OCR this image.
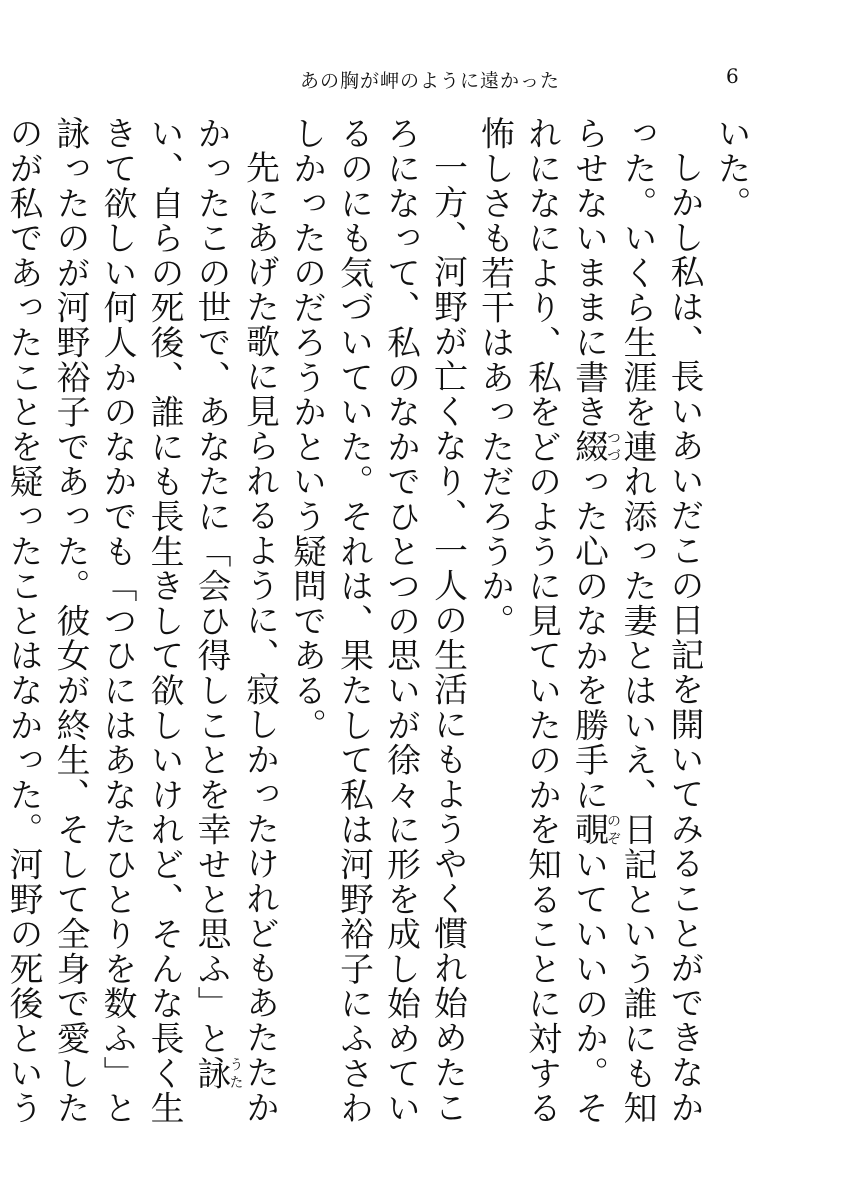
あの胸が岬のように遠かった	6

いた。

しかし私は、長いあいだこの日記を開いてみることができなかった。いくら生涯を連れ添った妻とはいえ、日記という誰にも知らせないままに書き綴つづった心のなかを勝手に覗のぞいていいのか。それになにより、私をどのように見ていたのかを知ることに対する怖しさも若干はあっただろうか。

一方、河野が亡くなり、一人の生活にもようやく慣れ始めたころになって、私のなかでひとつの思いが徐々に形を成し始めているのにも気づいていた。それは、果たして私は河野裕子にふさわしかったのだろうかという疑問である。

先にあげた歌に見られるように、寂しかったけれどもあたたかかったこの世で、あなたに「会ひ得しことを幸せと思ふ」と詠うたい、自らの死後、誰にも長生きして欲しいけれど、そんな長く生きて欲しい何人かのなかでも「つひにはあなたひとりを数ふ」と詠ったのが河野裕子であった。彼女が終生、そして全身で愛したのが私であったことを疑ったことはなかった。河野の死後という
